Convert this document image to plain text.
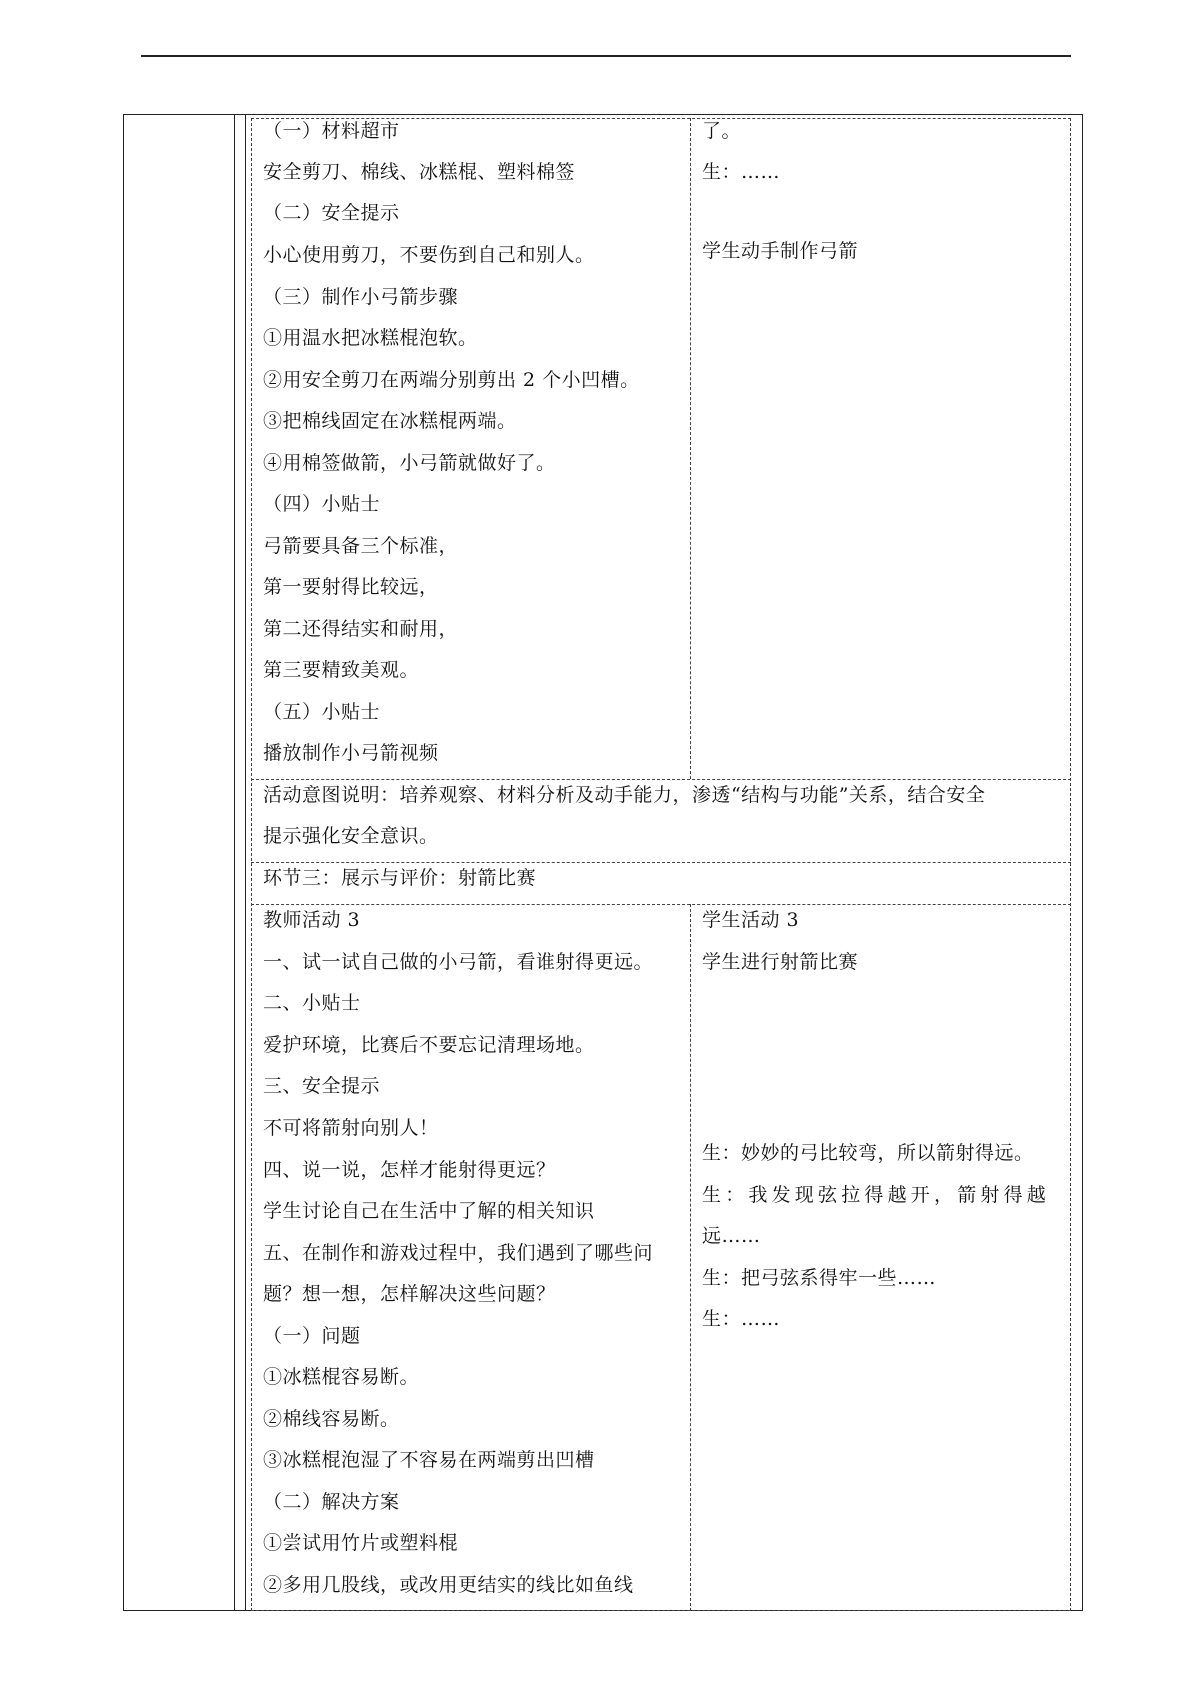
（一）材料超市
安全剪刀、棉线、冰糕棍、塑料棉签
（二）安全提示
小心使用剪刀，不要伤到自己和别人。
（三）制作小弓箭步骤
①用温水把冰糕棍泡软。
②用安全剪刀在两端分别剪出 2 个小凹槽。
③把棉线固定在冰糕棍两端。
④用棉签做箭，小弓箭就做好了。
（四）小贴士
弓箭要具备三个标准，
第一要射得比较远，
第二还得结实和耐用，
第三要精致美观。
（五）小贴士
播放制作小弓箭视频
了。
生：……
学生动手制作弓箭
活动意图说明：培养观察、材料分析及动手能力，渗透“结构与功能”关系，结合安全
提示强化安全意识。
环节三：展示与评价：射箭比赛
教师活动 3
一、试一试自己做的小弓箭，看谁射得更远。
二、小贴士
爱护环境，比赛后不要忘记清理场地。
三、安全提示
不可将箭射向别人！
四、说一说，怎样才能射得更远？
学生讨论自己在生活中了解的相关知识
五、在制作和游戏过程中，我们遇到了哪些问
题？想一想，怎样解决这些问题？
（一）问题
①冰糕棍容易断。
②棉线容易断。
③冰糕棍泡湿了不容易在两端剪出凹槽
（二）解决方案
①尝试用竹片或塑料棍
②多用几股线，或改用更结实的线比如鱼线
学生活动 3
学生进行射箭比赛
生：妙妙的弓比较弯，所以箭射得远。
生：我发现弦拉得越开，箭射得越
远……
生：把弓弦系得牢一些……
生：……
